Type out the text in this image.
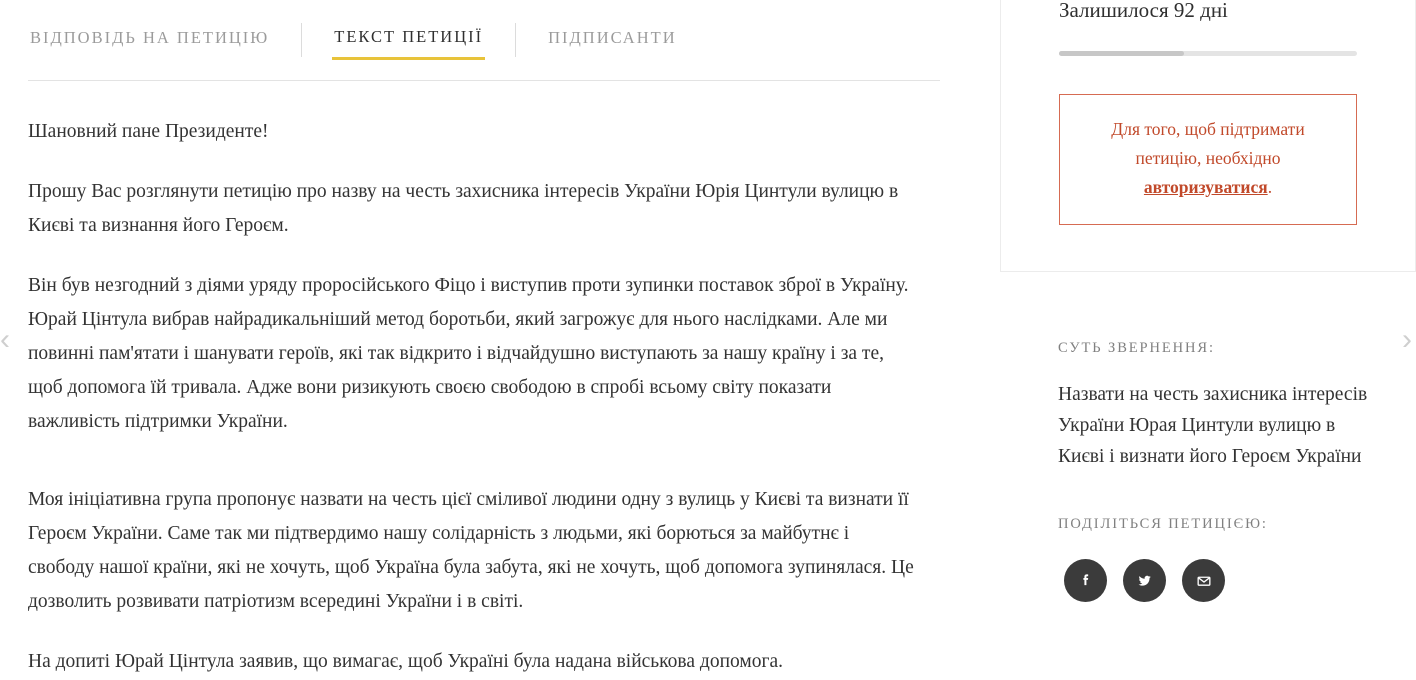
ВІДПОВІДЬ НА ПЕТИЦІЮ	ТЕКСТ ПЕТИЦІЇ	ПІДПИСАНТИ

Шановний пане Президенте!

Прошу Вас розглянути петицію про назву на честь захисника інтересів України Юрія Цинтули вулицю в Києві та визнання його Героєм.

Він був незгодний з діями уряду проросійського Фіцо і виступив проти зупинки поставок зброї в Україну. Юрай Цінтула вибрав найрадикальніший метод боротьби, який загрожує для нього наслідками. Але ми повинні пам'ятати і шанувати героїв, які так відкрито і відчайдушно виступають за нашу країну і за те, щоб допомога їй тривала. Адже вони ризикують своєю свободою в спробі всьому світу показати важливість підтримки України.

Моя ініціативна група пропонує назвати на честь цієї сміливої людини одну з вулиць у Києві та визнати її Героєм України. Саме так ми підтвердимо нашу солідарність з людьми, які борються за майбутнє і свободу нашої країни, які не хочуть, щоб Україна була забута, які не хочуть, щоб допомога зупинялася. Це дозволить розвивати патріотизм всередині України і в світі.

На допиті Юрай Цінтула заявив, що вимагає, щоб Україні була надана військова допомога.

‹	›
Залишилося 92 дні
Для того, щоб підтримати петицію, необхідно авторизуватися.
СУТЬ ЗВЕРНЕННЯ:
Назвати на честь захисника інтересів України Юрая Цинтули вулицю в Києві і визнати його Героєм України
ПОДІЛІТЬСЯ ПЕТИЦІЄЮ:
